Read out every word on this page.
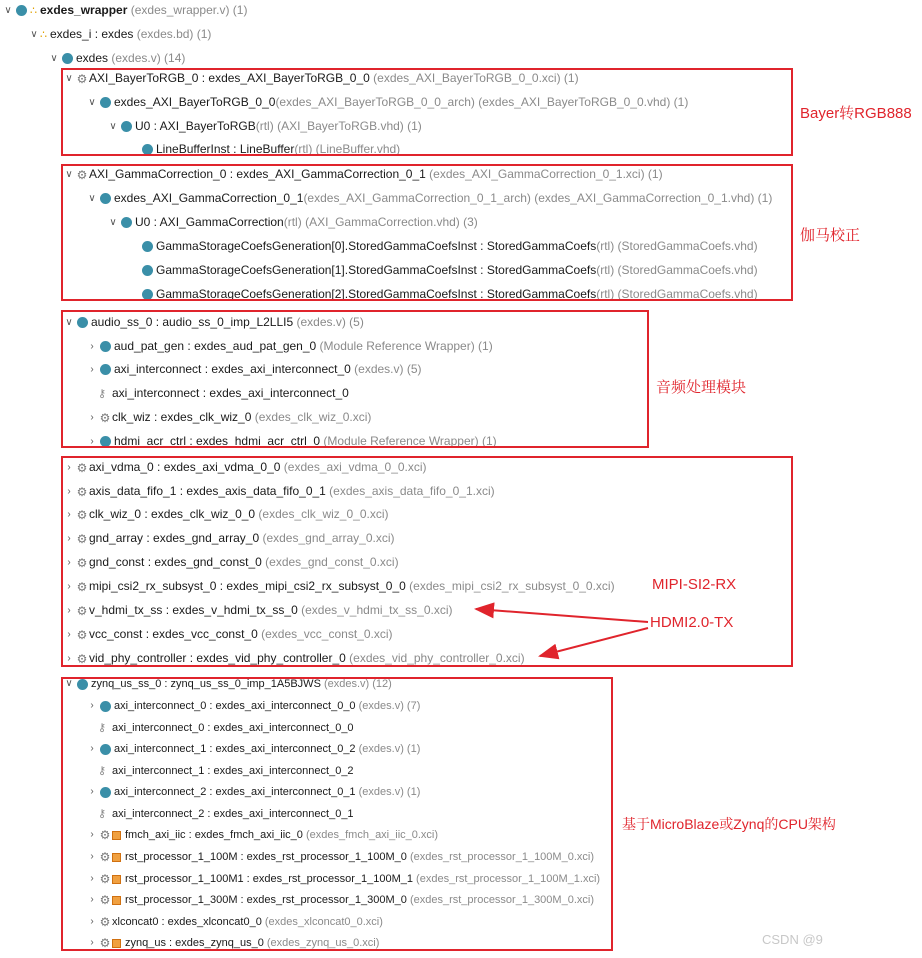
∨ ∴ exdes_wrapper (exdes_wrapper.v) (1)
∨ ∴ exdes_i : exdes (exdes.bd) (1)
∨ exdes (exdes.v) (14)
∨ ⚙ AXI_BayerToRGB_0 : exdes_AXI_BayerToRGB_0_0 (exdes_AXI_BayerToRGB_0_0.xci) (1)
∨ exdes_AXI_BayerToRGB_0_0(exdes_AXI_BayerToRGB_0_0_arch) (exdes_AXI_BayerToRGB_0_0.vhd) (1)
∨ U0 : AXI_BayerToRGB(rtl) (AXI_BayerToRGB.vhd) (1)
LineBufferInst : LineBuffer(rtl) (LineBuffer.vhd)
∨ ⚙ AXI_GammaCorrection_0 : exdes_AXI_GammaCorrection_0_1 (exdes_AXI_GammaCorrection_0_1.xci) (1)
∨ exdes_AXI_GammaCorrection_0_1(exdes_AXI_GammaCorrection_0_1_arch) (exdes_AXI_GammaCorrection_0_1.vhd) (1)
∨ U0 : AXI_GammaCorrection(rtl) (AXI_GammaCorrection.vhd) (3)
GammaStorageCoefsGeneration[0].StoredGammaCoefsInst : StoredGammaCoefs(rtl) (StoredGammaCoefs.vhd)
GammaStorageCoefsGeneration[1].StoredGammaCoefsInst : StoredGammaCoefs(rtl) (StoredGammaCoefs.vhd)
GammaStorageCoefsGeneration[2].StoredGammaCoefsInst : StoredGammaCoefs(rtl) (StoredGammaCoefs.vhd)
∨ audio_ss_0 : audio_ss_0_imp_L2LLI5 (exdes.v) (5)
› aud_pat_gen : exdes_aud_pat_gen_0 (Module Reference Wrapper) (1)
› axi_interconnect : exdes_axi_interconnect_0 (exdes.v) (5)
⚷ axi_interconnect : exdes_axi_interconnect_0
› ⚙ clk_wiz : exdes_clk_wiz_0 (exdes_clk_wiz_0.xci)
› hdmi_acr_ctrl : exdes_hdmi_acr_ctrl_0 (Module Reference Wrapper) (1)
› ⚙ axi_vdma_0 : exdes_axi_vdma_0_0 (exdes_axi_vdma_0_0.xci)
› ⚙ axis_data_fifo_1 : exdes_axis_data_fifo_0_1 (exdes_axis_data_fifo_0_1.xci)
› ⚙ clk_wiz_0 : exdes_clk_wiz_0_0 (exdes_clk_wiz_0_0.xci)
› ⚙ gnd_array : exdes_gnd_array_0 (exdes_gnd_array_0.xci)
› ⚙ gnd_const : exdes_gnd_const_0 (exdes_gnd_const_0.xci)
› ⚙ mipi_csi2_rx_subsyst_0 : exdes_mipi_csi2_rx_subsyst_0_0 (exdes_mipi_csi2_rx_subsyst_0_0.xci)
› ⚙ v_hdmi_tx_ss : exdes_v_hdmi_tx_ss_0 (exdes_v_hdmi_tx_ss_0.xci)
› ⚙ vcc_const : exdes_vcc_const_0 (exdes_vcc_const_0.xci)
› ⚙ vid_phy_controller : exdes_vid_phy_controller_0 (exdes_vid_phy_controller_0.xci)
∨ zynq_us_ss_0 : zynq_us_ss_0_imp_1A5BJWS (exdes.v) (12)
› axi_interconnect_0 : exdes_axi_interconnect_0_0 (exdes.v) (7)
⚷ axi_interconnect_0 : exdes_axi_interconnect_0_0
› axi_interconnect_1 : exdes_axi_interconnect_0_2 (exdes.v) (1)
⚷ axi_interconnect_1 : exdes_axi_interconnect_0_2
› axi_interconnect_2 : exdes_axi_interconnect_0_1 (exdes.v) (1)
⚷ axi_interconnect_2 : exdes_axi_interconnect_0_1
› ⚙ fmch_axi_iic : exdes_fmch_axi_iic_0 (exdes_fmch_axi_iic_0.xci)
› ⚙ rst_processor_1_100M : exdes_rst_processor_1_100M_0 (exdes_rst_processor_1_100M_0.xci)
› ⚙ rst_processor_1_100M1 : exdes_rst_processor_1_100M_1 (exdes_rst_processor_1_100M_1.xci)
› ⚙ rst_processor_1_300M : exdes_rst_processor_1_300M_0 (exdes_rst_processor_1_300M_0.xci)
› ⚙ xlconcat0 : exdes_xlconcat0_0 (exdes_xlconcat0_0.xci)
› ⚙ zynq_us : exdes_zynq_us_0 (exdes_zynq_us_0.xci)
Bayer转RGB888
伽马校正
音频处理模块
MIPI-SI2-RX
HDMI2.0-TX
基于MicroBlaze或Zynq的CPU架构
CSDN @9
